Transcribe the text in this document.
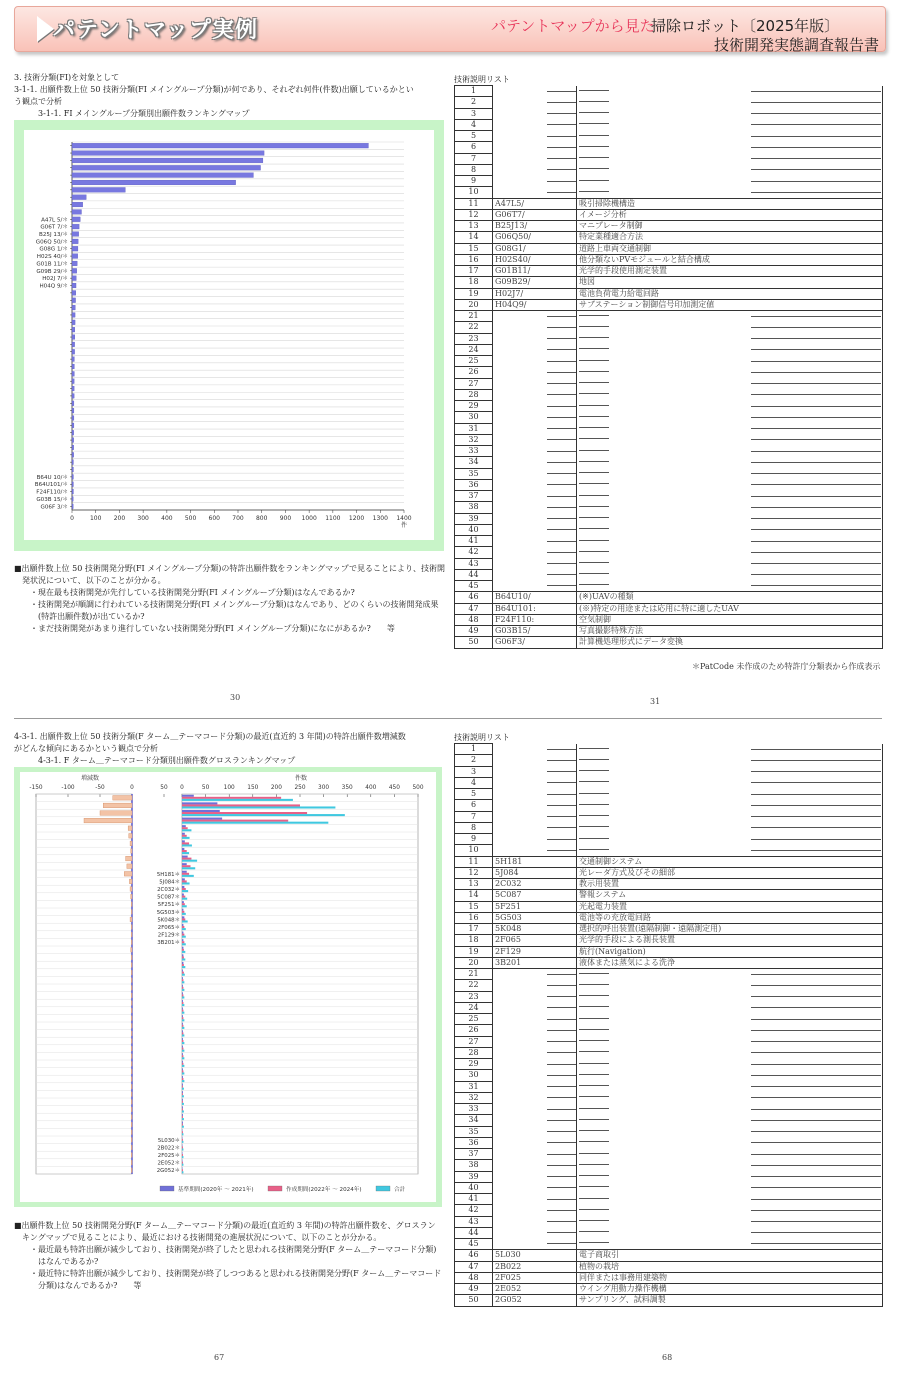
パテントマップ実例	パテントマップから見た
掃除ロボット〔2025年版〕
技術開発実態調査報告書
3. 技術分類(FI)を対象として
3-1-1. 出願件数上位 50 技術分類(FI メイングループ分類)が何であり、それぞれ何件(件数)出願しているかとい
う観点で分析
3-1-1. FI メイングループ分類別出願件数ランキングマップ
A47L 5/＊
G06T 7/＊
B25J 13/＊
G06Q 50/＊
G08G 1/＊
H02S 40/＊
G01B 11/＊
G09B 29/＊
H02J 7/＊
H04Q 9/＊
B64U 10/＊
B64U101/＊
F24F110/＊
G03B 15/＊
G06F 3/＊
0	100 200 300 400 500 600 700 800 900 1000 1100 1200 1300 1400
件
■出願件数上位 50 技術開発分野(FI メイングループ分類)の特許出願件数をランキングマップで見ることにより、技術開
　発状況について、以下のことが分かる。
　　・現在最も技術開発が先行している技術開発分野(FI メイングループ分類)はなんであるか?
　　・技術開発が順調に行われている技術開発分野(FI メイングループ分類)はなんであり、どのくらいの技術開発成果
　　　(特許出願件数)が出ているか?
　　・まだ技術開発があまり進行していない技術開発分野(FI メイングループ分類)になにがあるか?　　等
30
技術説明リスト
1	

2	

3	

4	

5	

6	

7	

8	

9	

10	

11	A47L5/	吸引掃除機構造
12	G06T7/	イメージ分析
13	B25J13/	マニプレータ制御
14	G06Q50/	特定業種適合方法
15	G08G1/	道路上車両交通制御
16	H02S40/	他分類ないPVモジュールと結合構成
17	G01B11/	光学的手段使用測定装置
18	G09B29/	地図
19	H02J7/	電池負荷電力給電回路
20	H04Q9/	サブステーション制御信号印加測定値
21	

22	

23	

24	

25	

26	

27	

28	

29	

30	

31	

32	

33	

34	

35	

36	

37	

38	

39	

40	

41	

42	

43	

44	

45	

46	B64U10/	(※)UAVの種類
47	B64U101:	(※)特定の用途または応用に特に適したUAV
48	F24F110:	空気制御
49	G03B15/	写真撮影特殊方法
50	G06F3/	計算機処理形式にデータ変換
＊PatCode 未作成のため特許庁分類表から作成表示
31
4-3-1. 出願件数上位 50 技術分類(F ターム＿テーマコード分類)の最近(直近約 3 年間)の特許出願件数増減数
がどんな傾向にあるかという観点で分析
4-3-1. F ターム＿テーマコード分類別出願件数グロスランキングマップ
増減数	件数
-150	-100	-50	0	50 0	50 100 150 200 250 300 350 400 450 500
5H181＊
5J084＊
2C032＊
5C087＊
5F251＊
5G503＊
5K048＊
2F065＊
2F129＊
3B201＊
5L030＊
2B022＊
2F025＊
2E052＊
2G052＊
基準期間(2020年 ～ 2021年)	作成期間(2022年 ～ 2024年)	合計
■出願件数上位 50 技術開発分野(F ターム＿テーマコード分類)の最近(直近約 3 年間)の特許出願件数を、グロスラン
　キングマップで見ることにより、最近における技術開発の進展状況について、以下のことが分かる。
　　・最近最も特許出願が減少しており、技術開発が終了したと思われる技術開発分野(F ターム＿テーマコード分類)
　　　はなんであるか?
　　・最近特に特許出願が減少しており、技術開発が終了しつつあると思われる技術開発分野(F ターム＿テーマコード
　　　分類)はなんであるか?　　等
67
技術説明リスト
1	

2	

3	

4	

5	

6	

7	

8	

9	

10	

11	5H181	交通制御システム
12	5J084	光レーダ方式及びその細部
13	2C032	教示用装置
14	5C087	警報システム
15	5F251	光起電力装置
16	5G503	電池等の充放電回路
17	5K048	選択的呼出装置(遠隔制御・遠隔測定用)
18	2F065	光学的手段による測長装置
19	2F129	航行(Navigation)
20	3B201	液体または蒸気による洗浄
21	

22	

23	

24	

25	

26	

27	

28	

29	

30	

31	

32	

33	

34	

35	

36	

37	

38	

39	

40	

41	

42	

43	

44	

45	

46	5L030	電子商取引
47	2B022	植物の栽培
48	2F025	同伴または事務用建築物
49	2E052	ウイング用動力操作機構
50	2G052	サンプリング、試料調製
68
